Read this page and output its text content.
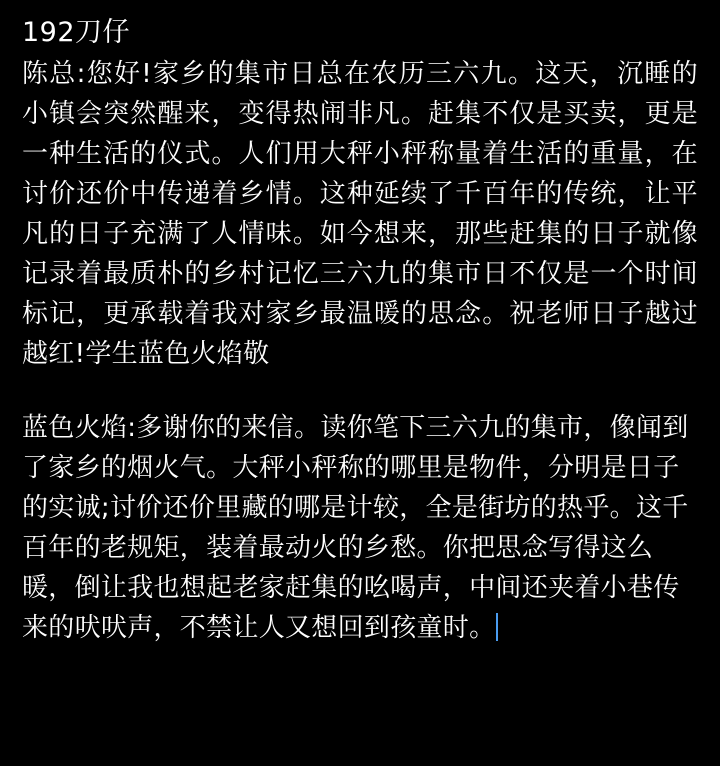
192刀仔
陈总:您好!家乡的集市日总在农历三六九。这天，沉睡的小镇会突然醒来，变得热闹非凡。赶集不仅是买卖，更是一种生活的仪式。人们用大秤小秤称量着生活的重量，在讨价还价中传递着乡情。这种延续了千百年的传统，让平凡的日子充满了人情味。如今想来，那些赶集的日子就像记录着最质朴的乡村记忆三六九的集市日不仅是一个时间标记，更承载着我对家乡最温暖的思念。祝老师日子越过越红!学生蓝色火焰敬
蓝色火焰:多谢你的来信。读你笔下三六九的集市，像闻到了家乡的烟火气。大秤小秤称的哪里是物件，分明是日子的实诚;讨价还价里藏的哪是计较，全是街坊的热乎。这千百年的老规矩，装着最动火的乡愁。你把思念写得这么暖，倒让我也想起老家赶集的吆喝声，中间还夹着小巷传来的吠吠声，不禁让人又想回到孩童时。
